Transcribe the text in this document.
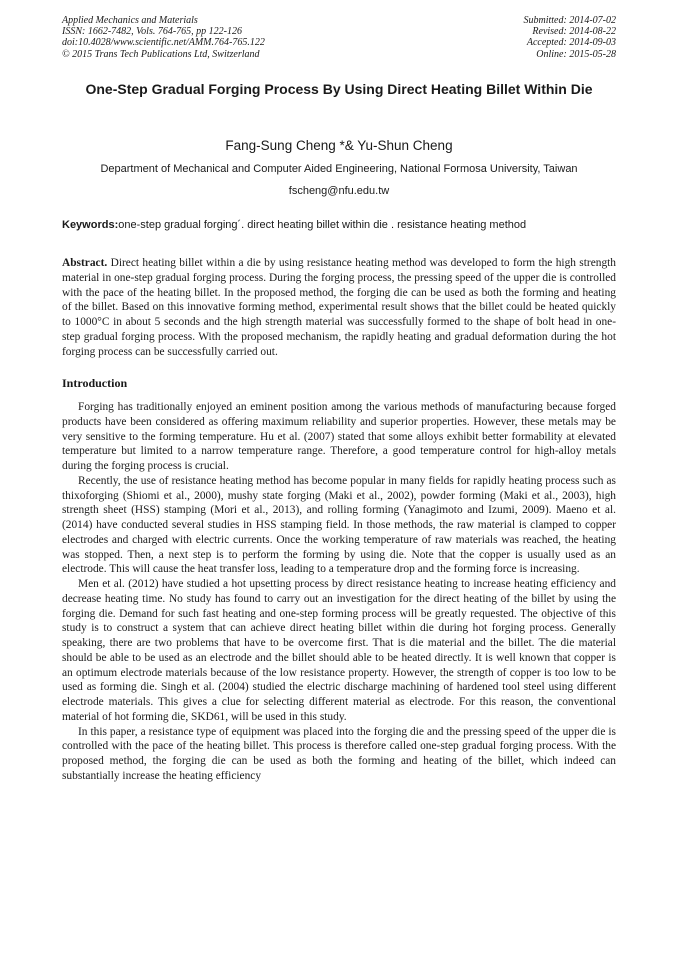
Applied Mechanics and Materials
ISSN: 1662-7482, Vols. 764-765, pp 122-126
doi:10.4028/www.scientific.net/AMM.764-765.122
© 2015 Trans Tech Publications Ltd, Switzerland
Submitted: 2014-07-02
Revised: 2014-08-22
Accepted: 2014-09-03
Online: 2015-05-28
One-Step Gradual Forging Process By Using Direct Heating Billet Within Die
Fang-Sung Cheng *& Yu-Shun Cheng
Department of Mechanical and Computer Aided Engineering, National Formosa University, Taiwan
fscheng@nfu.edu.tw
Keywords:one-step gradual forging´. direct heating billet within die . resistance heating method

Abstract. Direct heating billet within a die by using resistance heating method was developed to form the high strength material in one-step gradual forging process. During the forging process, the pressing speed of the upper die is controlled with the pace of the heating billet. In the proposed method, the forging die can be used as both the forming and heating of the billet. Based on this innovative forming method, experimental result shows that the billet could be heated quickly to 1000°C in about 5 seconds and the high strength material was successfully formed to the shape of bolt head in one-step gradual forging process. With the proposed mechanism, the rapidly heating and gradual deformation during the hot forging process can be successfully carried out.

Introduction

Forging has traditionally enjoyed an eminent position among the various methods of manufacturing because forged products have been considered as offering maximum reliability and superior properties. However, these metals may be very sensitive to the forming temperature. Hu et al. (2007) stated that some alloys exhibit better formability at elevated temperature but limited to a narrow temperature range. Therefore, a good temperature control for high-alloy metals during the forging process is crucial.

Recently, the use of resistance heating method has become popular in many fields for rapidly heating process such as thixoforging (Shiomi et al., 2000), mushy state forging (Maki et al., 2002), powder forming (Maki et al., 2003), high strength sheet (HSS) stamping (Mori et al., 2013), and rolling forming (Yanagimoto and Izumi, 2009). Maeno et al. (2014) have conducted several studies in HSS stamping field. In those methods, the raw material is clamped to copper electrodes and charged with electric currents. Once the working temperature of raw materials was reached, the heating was stopped. Then, a next step is to perform the forming by using die. Note that the copper is usually used as an electrode. This will cause the heat transfer loss, leading to a temperature drop and the forming force is increasing.

Men et al. (2012) have studied a hot upsetting process by direct resistance heating to increase heating efficiency and decrease heating time. No study has found to carry out an investigation for the direct heating of the billet by using the forging die. Demand for such fast heating and one-step forming process will be greatly requested. The objective of this study is to construct a system that can achieve direct heating billet within die during hot forging process. Generally speaking, there are two problems that have to be overcome first. That is die material and the billet. The die material should be able to be used as an electrode and the billet should able to be heated directly. It is well known that copper is an optimum electrode materials because of the low resistance property. However, the strength of copper is too low to be used as forming die. Singh et al. (2004) studied the electric discharge machining of hardened tool steel using different electrode materials. This gives a clue for selecting different material as electrode. For this reason, the conventional material of hot forming die, SKD61, will be used in this study.

In this paper, a resistance type of equipment was placed into the forging die and the pressing speed of the upper die is controlled with the pace of the heating billet. This process is therefore called one-step gradual forging process. With the proposed method, the forging die can be used as both the forming and heating of the billet, which indeed can substantially increase the heating efficiency
